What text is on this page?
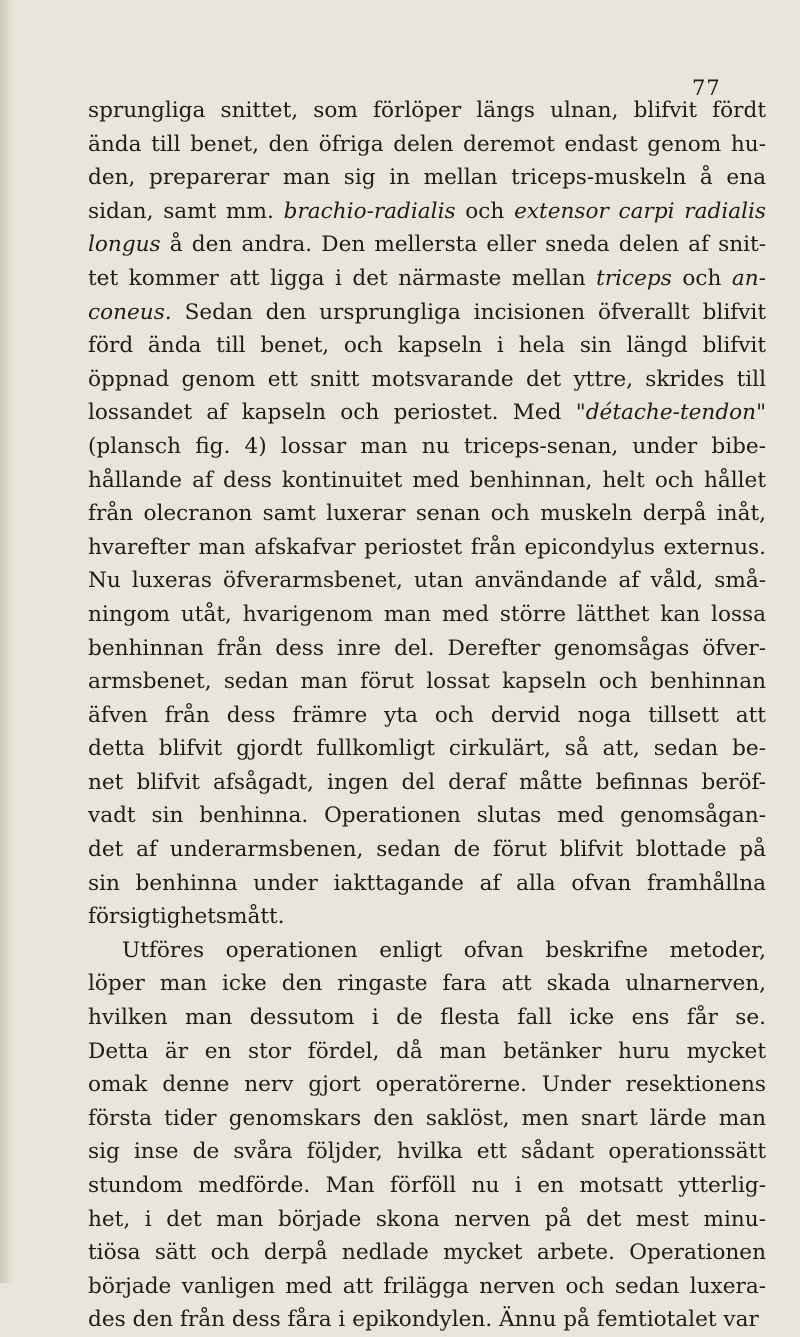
77
sprungliga snittet, som förlöper längs ulnan, blifvit fördt
ända till benet, den öfriga delen deremot endast genom hu-
den, preparerar man sig in mellan triceps-muskeln å ena
sidan, samt mm. brachio-radialis och extensor carpi radialis
longus å den andra. Den mellersta eller sneda delen af snit-
tet kommer att ligga i det närmaste mellan triceps och an-
coneus. Sedan den ursprungliga incisionen öfverallt blifvit
förd ända till benet, och kapseln i hela sin längd blifvit
öppnad genom ett snitt motsvarande det yttre, skrides till
lossandet af kapseln och periostet. Med "détache-tendon"
(plansch fig. 4) lossar man nu triceps-senan, under bibe-
hållande af dess kontinuitet med benhinnan, helt och hållet
från olecranon samt luxerar senan och muskeln derpå inåt,
hvarefter man afskafvar periostet från epicondylus externus.
Nu luxeras öfverarmsbenet, utan användande af våld, små-
ningom utåt, hvarigenom man med större lätthet kan lossa
benhinnan från dess inre del. Derefter genomsågas öfver-
armsbenet, sedan man förut lossat kapseln och benhinnan
äfven från dess främre yta och dervid noga tillsett att
detta blifvit gjordt fullkomligt cirkulärt, så att, sedan be-
net blifvit afsågadt, ingen del deraf måtte befinnas beröf-
vadt sin benhinna. Operationen slutas med genomsågan-
det af underarmsbenen, sedan de förut blifvit blottade på
sin benhinna under iakttagande af alla ofvan framhållna
försigtighetsmått.
Utföres operationen enligt ofvan beskrifne metoder,
löper man icke den ringaste fara att skada ulnarnerven,
hvilken man dessutom i de flesta fall icke ens får se.
Detta är en stor fördel, då man betänker huru mycket
omak denne nerv gjort operatörerne. Under resektionens
första tider genomskars den saklöst, men snart lärde man
sig inse de svåra följder, hvilka ett sådant operationssätt
stundom medförde. Man förföll nu i en motsatt ytterlig-
het, i det man började skona nerven på det mest minu-
tiösa sätt och derpå nedlade mycket arbete. Operationen
började vanligen med att frilägga nerven och sedan luxera-
des den från dess fåra i epikondylen. Ännu på femtiotalet var
